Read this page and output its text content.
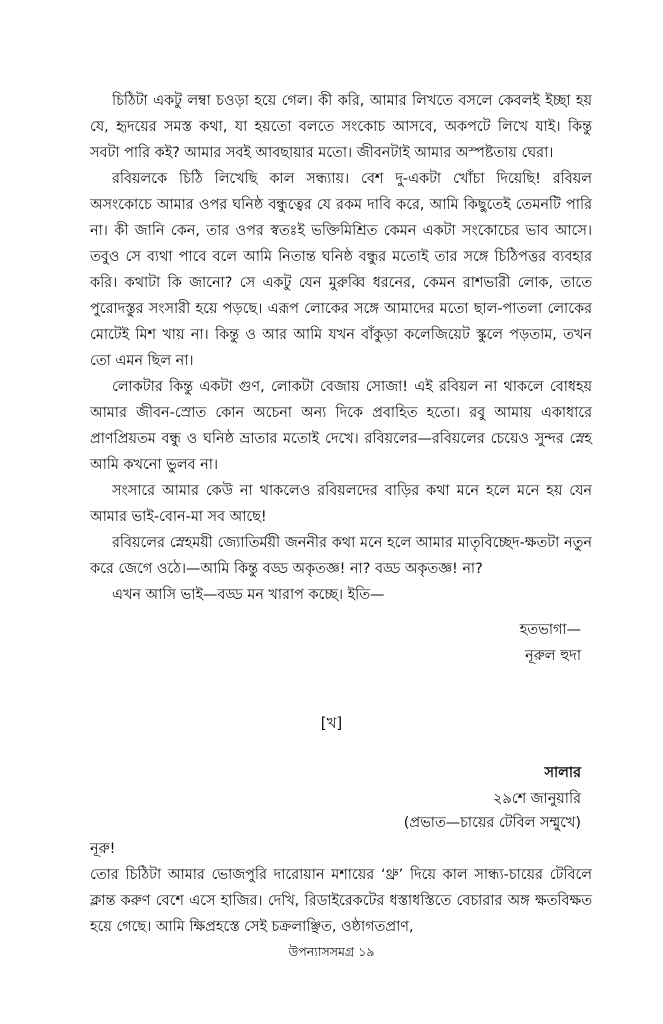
চিঠিটা একটু লম্বা চওড়া হয়ে গেল। কী করি, আমার লিখতে বসলে কেবলই ইচ্ছা হয় যে, হৃদয়ের সমস্ত কথা, যা হয়তো বলতে সংকোচ আসবে, অকপটে লিখে যাই। কিন্তু সবটা পারি কই? আমার সবই আবছায়ার মতো। জীবনটাই আমার অস্পষ্টতায় ঘেরা।

রবিয়লকে চিঠি লিখেছি কাল সন্ধ্যায়। বেশ দু-একটা খোঁচা দিয়েছি! রবিয়ল অসংকোচে আমার ওপর ঘনিষ্ঠ বন্ধুত্বের যে রকম দাবি করে, আমি কিছুতেই তেমনটি পারি না। কী জানি কেন, তার ওপর স্বতঃই ভক্তিমিশ্রিত কেমন একটা সংকোচের ভাব আসে। তবুও সে ব্যথা পাবে বলে আমি নিতান্ত ঘনিষ্ঠ বন্ধুর মতোই তার সঙ্গে চিঠিপত্তর ব্যবহার করি। কথাটা কি জানো? সে একটু যেন মুরুব্বি ধরনের, কেমন রাশভারী লোক, তাতে পুরোদস্তুর সংসারী হয়ে পড়ছে। এরূপ লোকের সঙ্গে আমাদের মতো ছাল-পাতলা লোকের মোটেই মিশ খায় না। কিন্তু ও আর আমি যখন বাঁকুড়া কলেজিয়েট স্কুলে পড়তাম, তখন তো এমন ছিল না।

লোকটার কিন্তু একটা গুণ, লোকটা বেজায় সোজা! এই রবিয়ল না থাকলে বোধহয় আমার জীবন-স্রোত কোন অচেনা অন্য দিকে প্রবাহিত হতো। রবু আমায় একাধারে প্রাণপ্রিয়তম বন্ধু ও ঘনিষ্ঠ ভ্রাতার মতোই দেখে। রবিয়লের—রবিয়লের চেয়েও সুন্দর স্নেহ আমি কখনো ভুলব না।

সংসারে আমার কেউ না থাকলেও রবিয়লদের বাড়ির কথা মনে হলে মনে হয় যেন আমার ভাই-বোন-মা সব আছে!

রবিয়লের স্নেহময়ী জ্যোতির্ময়ী জননীর কথা মনে হলে আমার মাতৃবিচ্ছেদ-ক্ষতটা নতুন করে জেগে ওঠে।—আমি কিন্তু বড্ড অকৃতজ্ঞ! না? বড্ড অকৃতজ্ঞ! না?

এখন আসি ভাই—বড্ড মন খারাপ কচ্ছে। ইতি—

হতভাগা—
নূরুল হুদা
[খ]
সালার
২৯শে জানুয়ারি
(প্রভাত—চায়ের টেবিল সম্মুখে)

নূরু!

তোর চিঠিটা আমার ভোজপুরি দারোয়ান মশায়ের ‘থ্রু’ দিয়ে কাল সান্ধ্য-চায়ের টেবিলে ক্লান্ত করুণ বেশে এসে হাজির। দেখি, রিডাইরেকটের ধস্তাধস্তিতে বেচারার অঙ্গ ক্ষতবিক্ষত হয়ে গেছে। আমি ক্ষিপ্রহস্তে সেই চক্রলাঞ্ছিত, ওষ্ঠাগতপ্রাণ,

উপন্যাসসমগ্র ১৯
